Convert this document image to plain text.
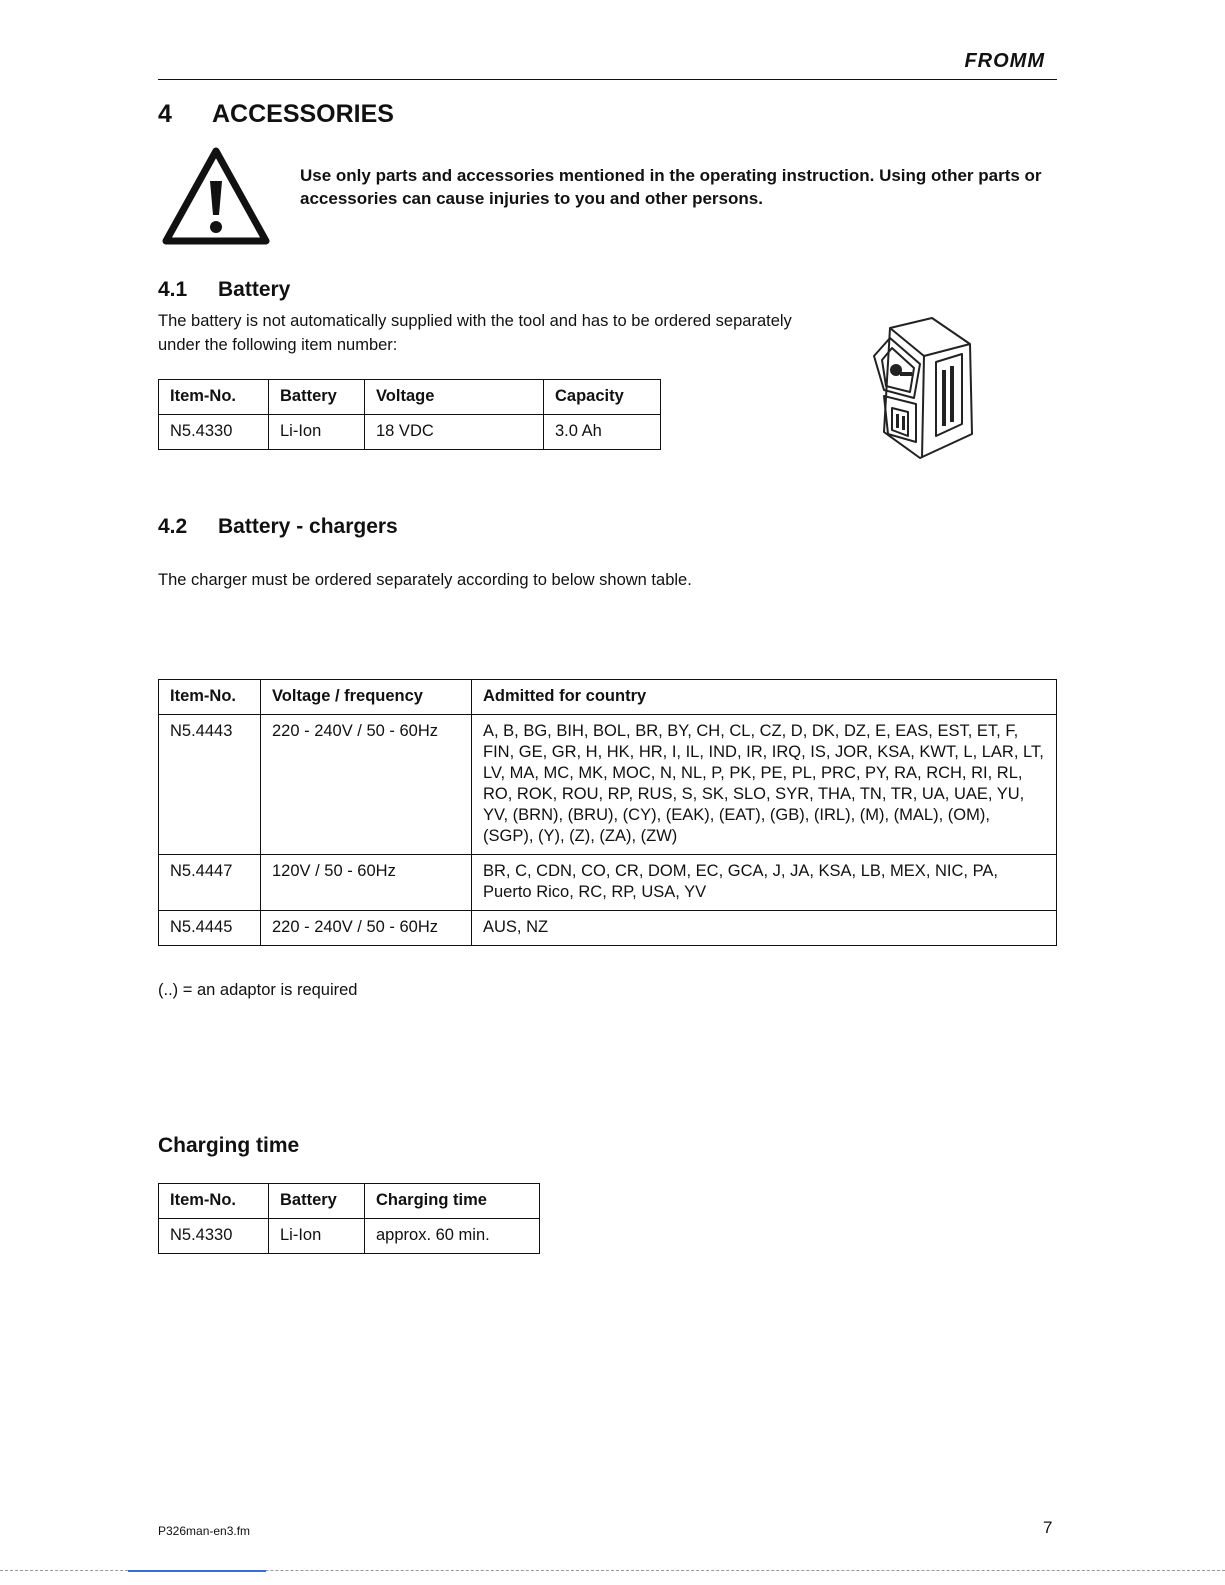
FROMM
4 ACCESSORIES

Use only parts and accessories mentioned in the operating instruction. Using other parts or accessories can cause injuries to you and other persons.

4.1 Battery

The battery is not automatically supplied with the tool and has to be ordered separately under the following item number:

Item-No.	Battery	Voltage	Capacity
N5.4330	Li-Ion	18 VDC	3.0 Ah
4.2 Battery - chargers

The charger must be ordered separately according to below shown table.

Item-No.	Voltage / frequency	Admitted for country
N5.4443	220 - 240V / 50 - 60Hz	A, B, BG, BIH, BOL, BR, BY, CH, CL, CZ, D, DK, DZ, E, EAS, EST, ET, F, FIN, GE, GR, H, HK, HR, I, IL, IND, IR, IRQ, IS, JOR, KSA, KWT, L, LAR, LT, LV, MA, MC, MK, MOC, N, NL, P, PK, PE, PL, PRC, PY, RA, RCH, RI, RL, RO, ROK, ROU, RP, RUS, S, SK, SLO, SYR, THA, TN, TR, UA, UAE, YU, YV, (BRN), (BRU), (CY), (EAK), (EAT), (GB), (IRL), (M), (MAL), (OM), (SGP), (Y), (Z), (ZA), (ZW)
N5.4447	120V / 50 - 60Hz	BR, C, CDN, CO, CR, DOM, EC, GCA, J, JA, KSA, LB, MEX, NIC, PA, Puerto Rico, RC, RP, USA, YV
N5.4445	220 - 240V / 50 - 60Hz	AUS, NZ

(..) = an adaptor is required

Charging time
Item-No.	Battery	Charging time
N5.4330	Li-Ion	approx. 60 min.
P326man-en3.fm	7
